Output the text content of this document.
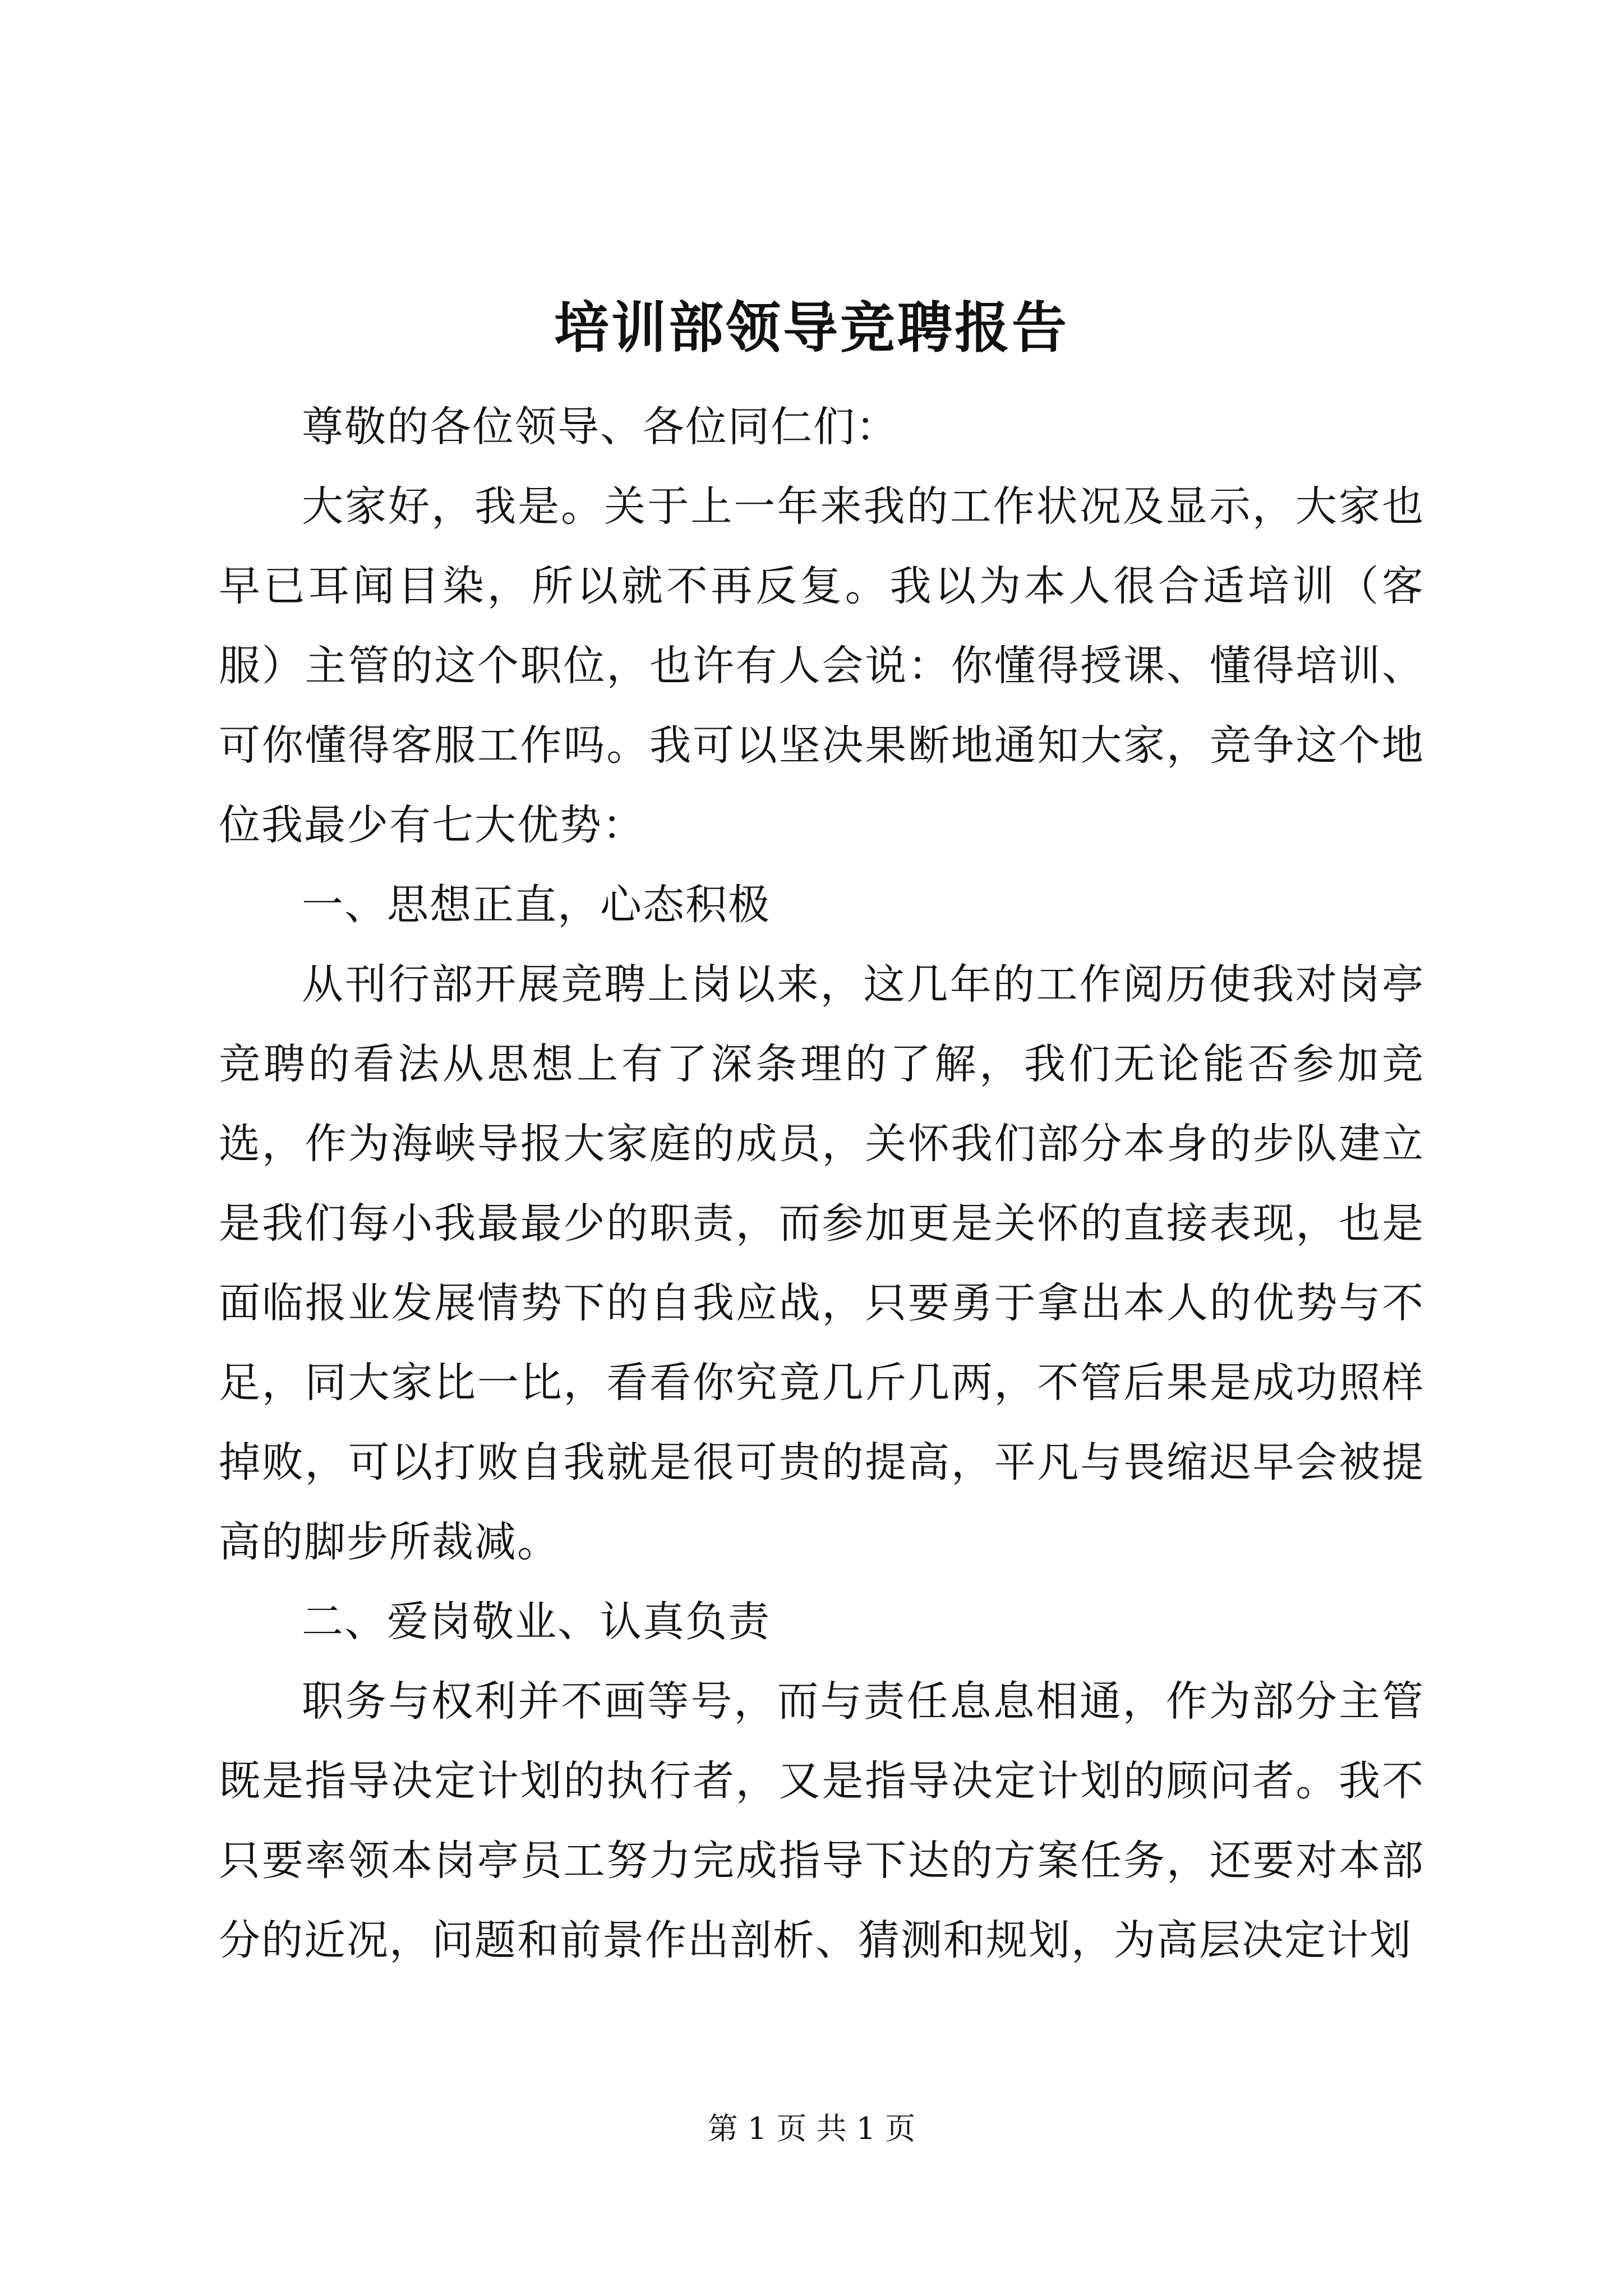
培训部领导竞聘报告

尊敬的各位领导、各位同仁们：

大家好，我是。关于上一年来我的工作状况及显示，大家也早已耳闻目染，所以就不再反复。我以为本人很合适培训（客服）主管的这个职位，也许有人会说：你懂得授课、懂得培训、可你懂得客服工作吗。我可以坚决果断地通知大家，竞争这个地位我最少有七大优势：

一、思想正直，心态积极

从刊行部开展竞聘上岗以来，这几年的工作阅历使我对岗亭竞聘的看法从思想上有了深条理的了解，我们无论能否参加竞选，作为海峡导报大家庭的成员，关怀我们部分本身的步队建立是我们每小我最最少的职责，而参加更是关怀的直接表现，也是面临报业发展情势下的自我应战，只要勇于拿出本人的优势与不足，同大家比一比，看看你究竟几斤几两，不管后果是成功照样掉败，可以打败自我就是很可贵的提高，平凡与畏缩迟早会被提高的脚步所裁减。

二、爱岗敬业、认真负责

职务与权利并不画等号，而与责任息息相通，作为部分主管既是指导决定计划的执行者，又是指导决定计划的顾问者。我不只要率领本岗亭员工努力完成指导下达的方案任务，还要对本部分的近况，问题和前景作出剖析、猜测和规划，为高层决定计划

第 1 页 共 1 页
